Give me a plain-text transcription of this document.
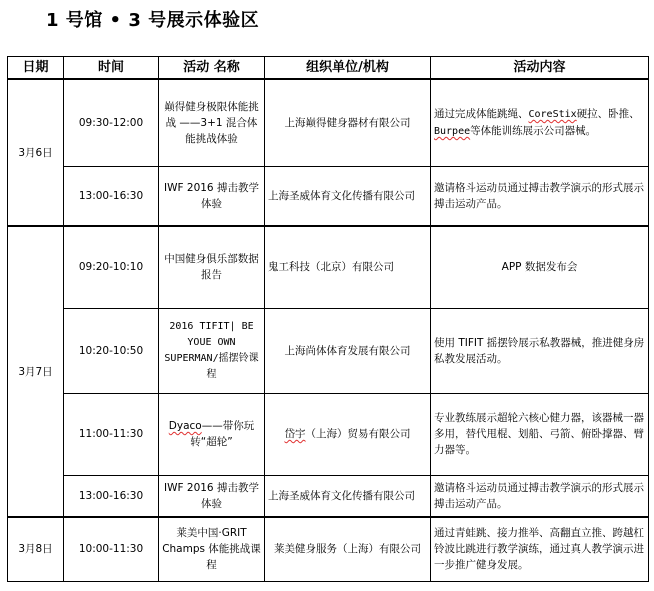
1 号馆 • 3 号展示体验区
日期	时间	活动 名称	组织单位/机构	活动内容
3月6日	09:30-12:00	巅得健身极限体能挑战 ——3+1 混合体能挑战体验	上海巅得健身器材有限公司	通过完成体能跳绳、CoreStix硬拉、卧推、Burpee等体能训练展示公司器械。
	13:00-16:30	IWF 2016 搏击教学体验	上海圣威体育文化传播有限公司	邀请格斗运动员通过搏击教学演示的形式展示搏击运动产品。
3月7日	09:20-10:10	中国健身俱乐部数据报告	鬼工科技（北京）有限公司	APP 数据发布会
	10:20-10:50	2016 TIFIT| BE YOUE OWN SUPERMAN/摇摆铃课程	上海尚体体育发展有限公司	使用 TIFIT 摇摆铃展示私教器械，推进健身房私教发展活动。
	11:00-11:30	Dyaco——带你玩转“超轮”	岱宇（上海）贸易有限公司	专业教练展示超轮六核心健力器，该器械一器多用，替代甩棍、划船、弓箭、俯卧撑器、臂力器等。
	13:00-16:30	IWF 2016 搏击教学体验	上海圣威体育文化传播有限公司	邀请格斗运动员通过搏击教学演示的形式展示搏击运动产品。
3月8日	10:00-11:30	莱美中国·GRIT Champs 体能挑战课程	莱美健身服务（上海）有限公司	通过青蛙跳、接力推举、高翻直立推、跨越杠铃波比跳进行教学演练，通过真人教学演示进一步推广健身发展。
